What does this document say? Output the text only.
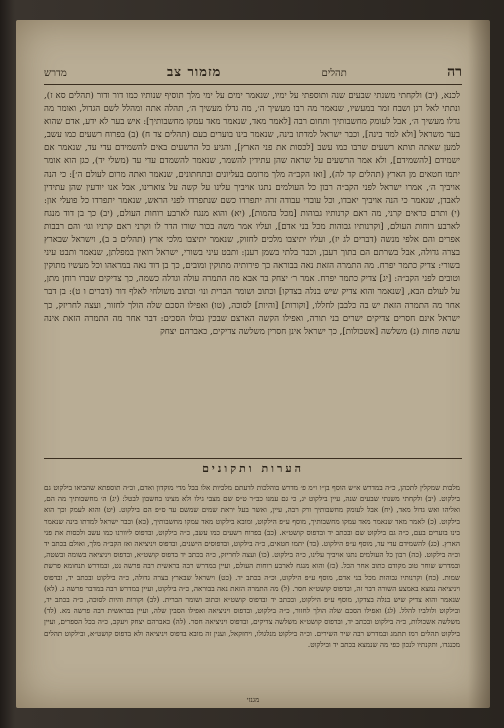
רה
תהלים
מזמור צב
מדרש

לכנא, (יב) ולקחתי משנתי שבעים שנה ותוספתי על ימיו, שנאמר ימים על ימי מלך תוסיף שנותיו כמו דור ודור (תהלים סא ז), ונתתי לאל רגן ושבח זמר במעשיו, שנאמר מה רבו מעשיך ה׳, מה גדלו מעשיך ה׳, תהלה אתה ומהלל לשם הגדול, ואומר מה גדלו מעשיך ה׳, אבל לעומק מחשבותיך ותחום רבה [לאמר מאד, שנאמר מאד עמקו מחשבותיך]: איש בער לא ידע, אדם שהוא בער משראל [ולא למד בינה], וכבר ישראל למדתו בינה, שנאמר בינו בוערים בעם (תהלים צד ח) (ב) בפרוח רשעים כמו עשב, למען שאתה תותא רשעים שרבו כמו עשב [לכסות את פני הארץ], והגיע כל הרשעים באים להשמידם עדי עד, שנאמר אם ישמידם [להשמידם], ולא אמר הרשעים על שראה שהן עתידין להשמר, שנאמר להשמדם עדי עד (משלי יד), כגן הוא אומר יתמו חטאים מן הארץ (תהלים קד לה), [ואז הקב״ה מלך מרומם בעליונים ובתחתונים, שנאמר ואתה מרום לעולם ה׳]: כי הנה אויביך ה׳, אמרו ישראל לפני הקב״ה רבון כל העולמים נתגו אויביך עלינו על קשה על צוארינו, אבל אנו יודעין שהן עתידין לאבדן, שנאמר כי הנה אויביך יאבדו, וכל עובדי עבודה זרה יתפרדו כשם שנתפרדו לפני הראש, שנאמר יתפרדו כל פועלי און: (י) ותרם כראים קרני, מה ראם קרנותיו גבוהות [מכל בהמות], (יא) והוא מנגח לארבע רוחות העולם, (יב) כך בן דוד מנגח לארבע רוחות העולם, [וקרנותיו גבוהות מכל בני אדם], ועליו אמר משה בכור שורו הדר לו וקרני ראם קרניו וגו׳ והם רבבות אפרים והם אלפי מנשה (דברים לג יז), ועליו יתיצבו מלכים לחזוק, שנאמר יתיצבו מלכי ארץ (תהלים ב ב), וישראל שבארץ בצרה גדולה, אבל בשרתם הם בתוך רעבן, וכבר בלתי בשמן רענן: ותבט עיני בשורי, ישראל רואין במפלתן, שנאמר ותבט עיני בשורי: צדיק כתמר יפרח. מה התמרה הזאת נאה בבוראה כך פירותיה מתוקין ומובים, כך בן דוד נאה במראהו וכל מעשיו מתוקין וטובים לפני הקב״ה: [יג] צדיק כתמר יפרח. אמר ר׳ יצחק בר אבא מה התמרה עולה וגדלה כשמה, כך צדיקים שברו רוחן מתן, על לעולם הבא, [שנאמר והוא צדיק שיש בנלה בצדקו] וכתוב ושומר הברית ונו׳ וכתוב משולחי לאלף דור (דברים ו ט): בן דבר אחר מה התמרה הזאת יש בה כלבבן לחללו, [וקורות] [והיות] לסוכה, (טו) ואפילו הסכם שלה הולך לחזור, ועצה לחריזק, כך ישראל אינם חסרים צדיקים ישרים בני תורה, ואפילו הקשה הארצם שבכין גבולו הסכים: דבר אחר מה התמרה הזאת אינה עושה פחות (נ) משלשה [אשכולות], כך ישראל אינן חסרין משלשה צדיקים, כאברהם יצחק

הערות ותקונים

מלבות שמקלין לתכהן, כ״ה במדרש א״ש הוסף בן״ו ו״מ פ׳ מדרש בוהלכות לדעתם מלכיות אלו בבל מדי מוקדון ואדם, וכ״ה תוספתא שהביאו בילקוט גם בילקוט. (יב) ולקחתי משנתי שבעים שנה, עיין בילקוט יג, כי גם עמנו כב״ר ט״ס שם מצבי גילו ולא מצינו בחשבון לבטל: (יג) ה׳ מחשבותיך מה הם, ואליהו ואש גדול מאד, (יח) אבל לעומק מחשבותיך ורק רבה, עיין, ואשר בעל יראת שמים שמשם עד ס״פ הם בילקוט. (יט) והוא לעמק וכך הוא בילקוט. (כ) לאמר מאד שנאמר מאד עמקו מחשבותיך, מוסף ע״פ הילקוט, ומובא בילקוט מאד עמקו מחשבותיך, (כא) וכבר ישראל למדתו בינה שנאמר בינו בוערים בעם, כ״ה גם בילקוט שם ובכתב יד ובדפוס קושט״א. (כב) בפרוח רשעים כמו עשב, כ״ה בילקוט, ובדפוס ליוורנו כמו עשב ולכסות את פני הארץ. (כג) להשמידם עדי עד, מוסף ע״פ הילקוט. (כד) יתמו חטאים, כ״ה בילקוט, ובדפוסים הישנים, ובדפוס ויניציאה ואז הקב״ה מלך, ואולם בכתב יד וכ״ה בילקוט. (כה) רבון כל העולמים נתגו אויביך עלינו, כ״ה בילקוט. (כו) ועצה לחריזק, כ״ה בכתב יד בדפוס קושט״א, ובדפוס ויניציאה בשומה ובשטה, ובמדרש שוחר טוב מקודם כתוב אחר הכל. (כז) והוא מנגח לארבע רוחות העולם, ועיין במדרש רבה בראשית רבה פרשה נט, ובמדרש תנחומא פרשת שמות. (כח) וקרנותיו גבוהות מכל בני אדם, מוסף ע״פ הילקוט, וכ״ה בכתב יד. (כט) וישראל שבארץ בצרה גדולה, כ״ה בילקוט ובכתב יד, ובדפוס ויניציאה נמצא באמצע השורה דבר זה, ובדפוס קושט״א חסר. (ל) מה התמרה הזאת נאה בבוראה, כ״ה בילקוט, ועיין במדרש רבה במדבר פרשה ג. (לא) שנאמר והוא צדיק שיש בנלה בצדקו, מוסף ע״פ הילקוט, ובכתב יד ובדפוס קושט״א וכתוב ושומר הברית. (לב) וקורות והיות לסוכה, כ״ה בכתב יד, ובילקוט ולולביו להלל. (לג) ואפילו הסכם שלה הולך לחזור, כ״ה בילקוט, ובדפוס ויניציאה ואפילו הסבין שלה, ועיין בבראשית רבה פרשה מא. (לד) משלשה אשכולות, כ״ה בילקוט ובכתב יד, ובדפוס קושט״א משלשה צדיקים, ובדפוס ויניציאה חסר. (לה) כאברהם יצחק ויעקב, כ״ה בכל הספרים, ועיין בילקוט תהלים רמז תתמג ובמדרש רבה שיר השירים. וכ״ה בילקוט מנלגולו, ויחזקאל, וענין זה מובא בדפוס ויניציאה ולא בדפוס קושט״א, ובילקוט תהלים מכנגדו, ותקנתיו לנכון כפי מה שנמצא בכתב יד ובילקוט.

מגנזי
